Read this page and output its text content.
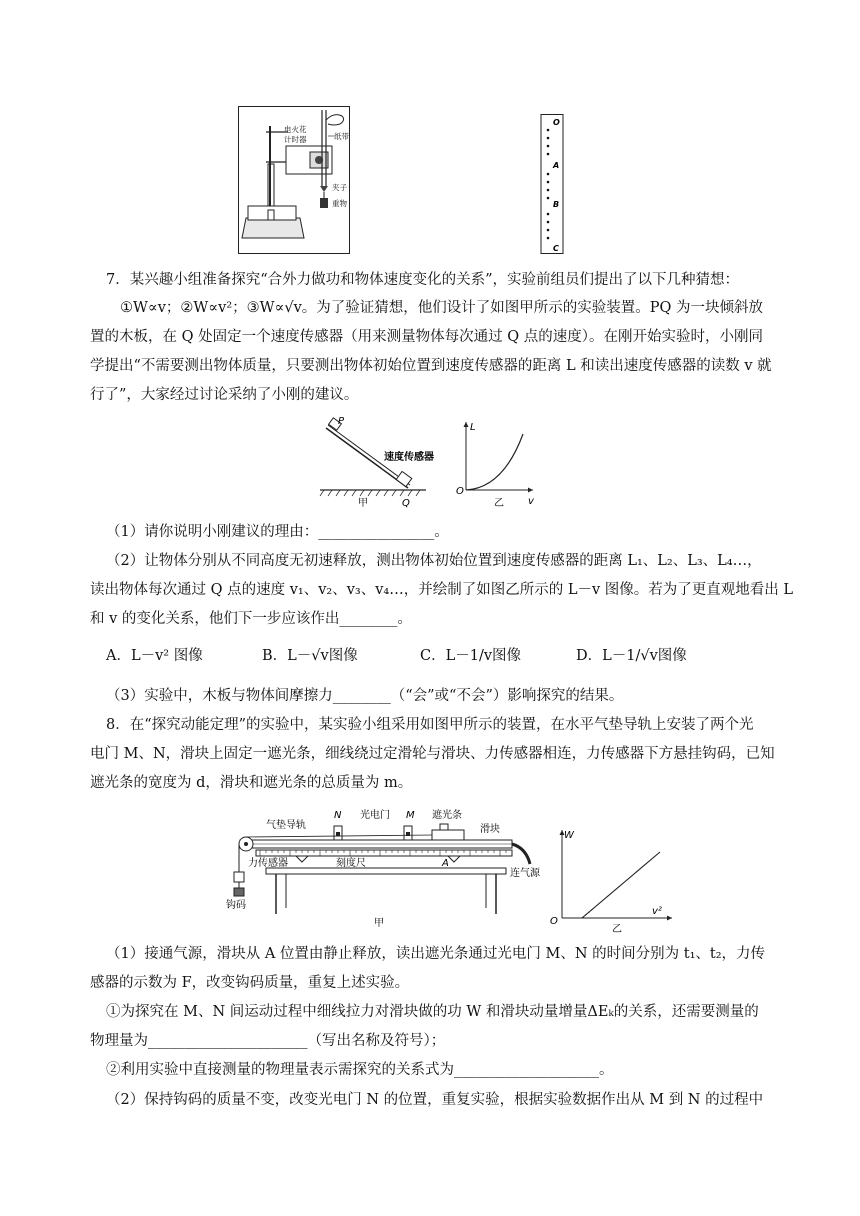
电火花
计时器	纸带
夹子
重物
O
A
B
C
7．某兴趣小组准备探究“合外力做功和物体速度变化的关系”，实验前组员们提出了以下几种猜想：
①W∝v；②W∝v²；③W∝√v。为了验证猜想，他们设计了如图甲所示的实验装置。PQ 为一块倾斜放
置的木板，在 Q 处固定一个速度传感器（用来测量物体每次通过 Q 点的速度）。在刚开始实验时，小刚同
学提出“不需要测出物体质量，只要测出物体初始位置到速度传感器的距离 L 和读出速度传感器的读数 v 就
行了”，大家经过讨论采纳了小刚的建议。
P
速度传感器
甲	Q
L
O
v
乙
（1）请你说明小刚建议的理由：________________。
（2）让物体分别从不同高度无初速释放，测出物体初始位置到速度传感器的距离 L₁、L₂、L₃、L₄…，
读出物体每次通过 Q 点的速度 v₁、v₂、v₃、v₄…，并绘制了如图乙所示的 L－v 图像。若为了更直观地看出 L
和 v 的变化关系，他们下一步应该作出________。
A．L－v² 图像	B．L－√v图像	C．L－1/v图像	D．L－1/√v图像
（3）实验中，木板与物体间摩擦力________（“会”或“不会”）影响探究的结果。
8．在“探究动能定理”的实验中，某实验小组采用如图甲所示的装置，在水平气垫导轨上安装了两个光
电门 M、N，滑块上固定一遮光条，细线绕过定滑轮与滑块、力传感器相连，力传感器下方悬挂钩码，已知
遮光条的宽度为 d，滑块和遮光条的总质量为 m。
气垫导轨
N 光电门 M 遮光条
滑块
力传感器	刻度尺	A
连气源
钩码
甲
W
O
v²
乙
（1）接通气源，滑块从 A 位置由静止释放，读出遮光条通过光电门 M、N 的时间分别为 t₁、t₂，力传
感器的示数为 F，改变钩码质量，重复上述实验。
①为探究在 M、N 间运动过程中细线拉力对滑块做的功 W 和滑块动量增量ΔEₖ的关系，还需要测量的
物理量为______________________（写出名称及符号）；
②利用实验中直接测量的物理量表示需探究的关系式为____________________。
（2）保持钩码的质量不变，改变光电门 N 的位置，重复实验，根据实验数据作出从 M 到 N 的过程中
